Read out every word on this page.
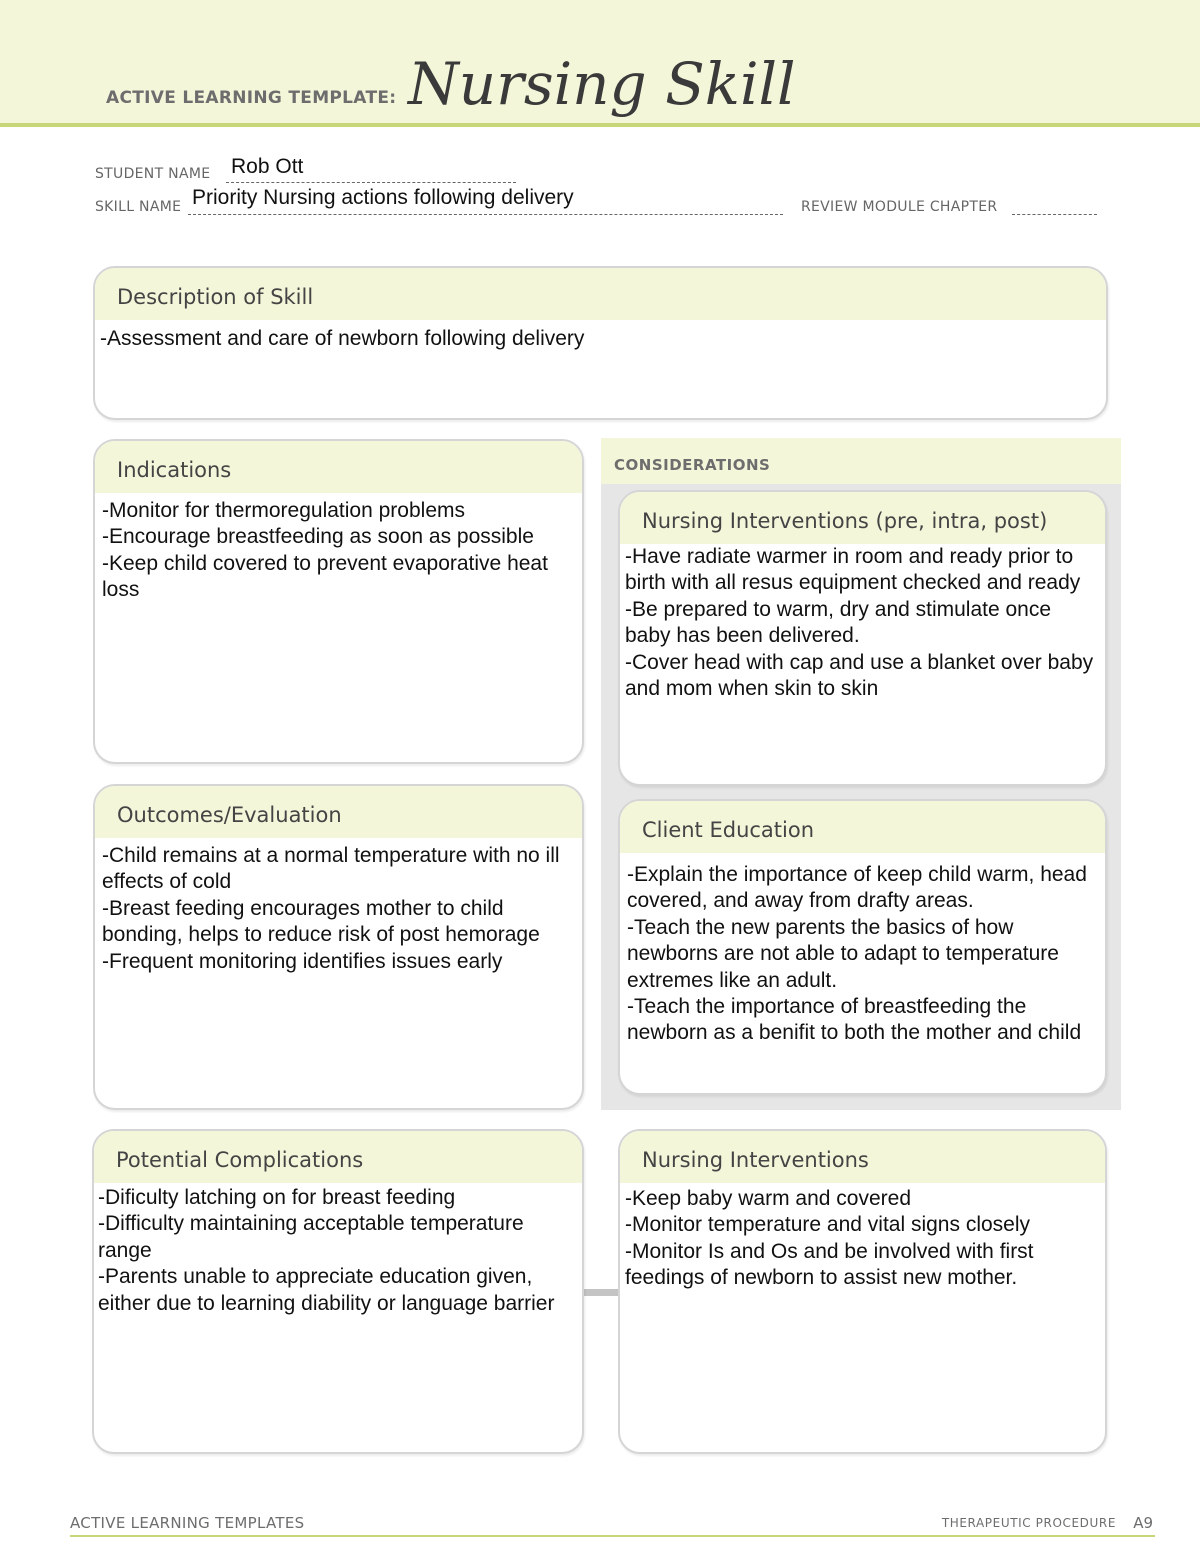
ACTIVE LEARNING TEMPLATE: Nursing Skill
STUDENT NAME Rob Ott
SKILL NAME Priority Nursing actions following delivery	REVIEW MODULE CHAPTER
Description of Skill
-Assessment and care of newborn following delivery
Indications
-Monitor for thermoregulation problems
-Encourage breastfeeding as soon as possible
-Keep child covered to prevent evaporative heat loss
CONSIDERATIONS
Nursing Interventions (pre, intra, post)
-Have radiate warmer in room and ready prior to birth with all resus equipment checked and ready
-Be prepared to warm, dry and stimulate once baby has been delivered.
-Cover head with cap and use a blanket over baby and mom when skin to skin
Outcomes/Evaluation
-Child remains at a normal temperature with no ill effects of cold
-Breast feeding encourages mother to child bonding, helps to reduce risk of post hemorage
-Frequent monitoring identifies issues early
Client Education
-Explain the importance of keep child warm, head covered, and away from drafty areas.
-Teach the new parents the basics of how newborns are not able to adapt to temperature extremes like an adult.
-Teach the importance of breastfeeding the newborn as a benifit to both the mother and child
Potential Complications
-Dificulty latching on for breast feeding
-Difficulty maintaining acceptable temperature range
-Parents unable to appreciate education given, either due to learning diability or language barrier
Nursing Interventions
-Keep baby warm and covered
-Monitor temperature and vital signs closely
-Monitor Is and Os and be involved with first feedings of newborn to assist new mother.
ACTIVE LEARNING TEMPLATES	THERAPEUTIC PROCEDURE A9
